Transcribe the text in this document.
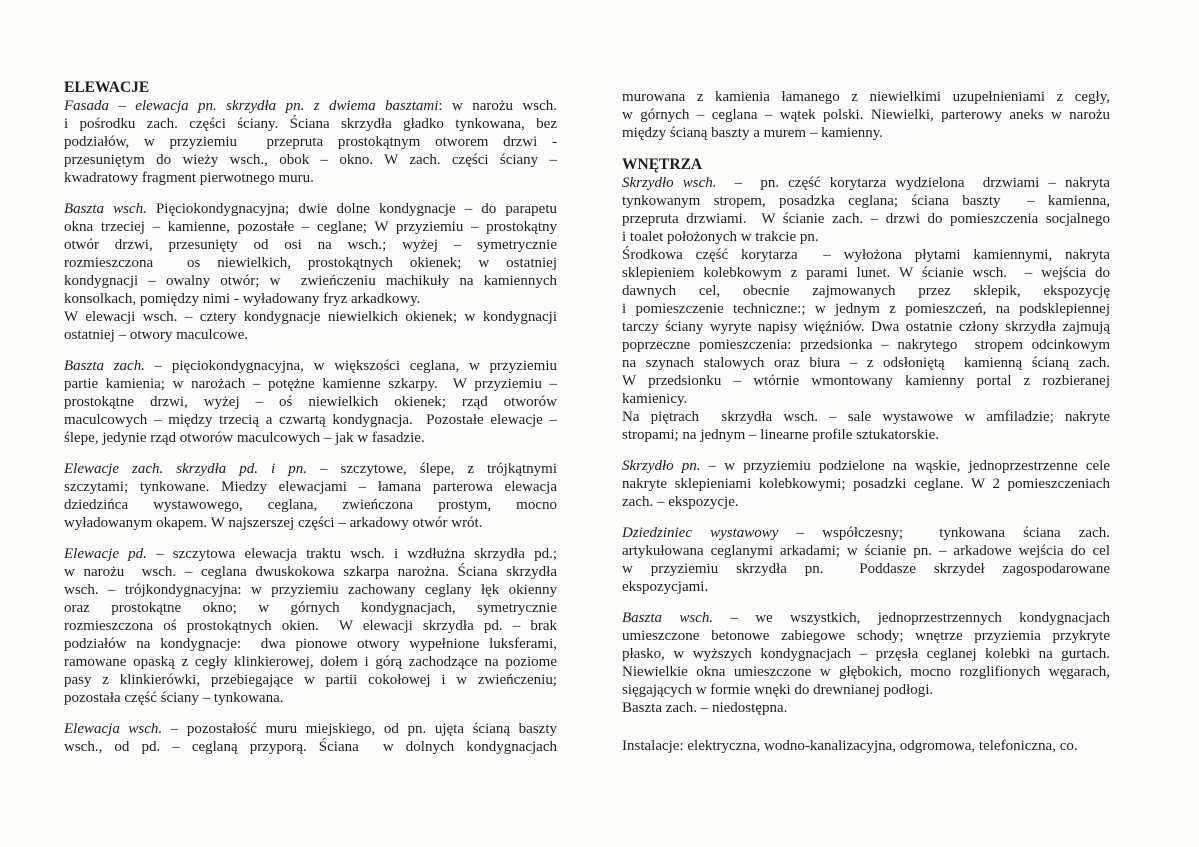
ELEWACJE
Fasada – elewacja pn. skrzydła pn. z dwiema basztami: w narożu wsch.
i pośrodku zach. części ściany. Ściana skrzydła gładko tynkowana, bez
podziałów, w przyziemiu  przepruta prostokątnym otworem drzwi -
przesuniętym do wieży wsch., obok – okno. W zach. części ściany –
kwadratowy fragment pierwotnego muru.
Baszta wsch. Pięciokondygnacyjna; dwie dolne kondygnacje – do parapetu
okna trzeciej – kamienne, pozostałe – ceglane; W przyziemiu – prostokątny
otwór drzwi, przesunięty od osi na wsch.; wyżej – symetrycznie
rozmieszczona  os niewielkich, prostokątnych okienek; w ostatniej
kondygnacji – owalny otwór; w  zwieńczeniu machikuły na kamiennych
konsolkach, pomiędzy nimi - wyładowany fryz arkadkowy.
W elewacji wsch. – cztery kondygnacje niewielkich okienek; w kondygnacji
ostatniej – otwory maculcowe.
Baszta zach. – pięciokondygnacyjna, w większości ceglana, w przyziemiu
partie kamienia; w narożach – potężne kamienne szkarpy.  W przyziemiu –
prostokątne drzwi, wyżej – oś niewielkich okienek; rząd otworów
maculcowych – między trzecią a czwartą kondygnacja.  Pozostałe elewacje –
ślepe, jedynie rząd otworów maculcowych – jak w fasadzie.
Elewacje zach. skrzydła pd. i pn. – szczytowe, ślepe, z trójkątnymi
szczytami; tynkowane. Miedzy elewacjami – łamana parterowa elewacja
dziedzińca wystawowego, ceglana, zwieńczona prostym, mocno
wyładowanym okapem. W najszerszej części – arkadowy otwór wrót.
Elewacje pd. – szczytowa elewacja traktu wsch. i wzdłużna skrzydła pd.;
w narożu  wsch. – ceglana dwuskokowa szkarpa narożna. Ściana skrzydła
wsch. – trójkondygnacyjna: w przyziemiu zachowany ceglany łęk okienny
oraz prostokątne okno; w górnych kondygnacjach, symetrycznie
rozmieszczona oś prostokątnych okien.  W elewacji skrzydła pd. – brak
podziałów na kondygnacje:  dwa pionowe otwory wypełnione luksferami,
ramowane opaską z cegły klinkierowej, dołem i górą zachodzące na poziome
pasy z klinkierówki, przebiegające w partii cokołowej i w zwieńczeniu;
pozostała część ściany – tynkowana.
Elewacja wsch. – pozostałość muru miejskiego, od pn. ujęta ścianą baszty
wsch., od pd. – ceglaną przyporą. Ściana  w dolnych kondygnacjach
murowana z kamienia łamanego z niewielkimi uzupełnieniami z cegły,
w górnych – ceglana – wątek polski. Niewielki, parterowy aneks w narożu
między ścianą baszty a murem – kamienny.
WNĘTRZA
Skrzydło wsch.  –  pn. część korytarza wydzielona  drzwiami – nakryta
tynkowanym stropem, posadzka ceglana; ściana baszty  – kamienna,
przepruta drzwiami.  W ścianie zach. – drzwi do pomieszczenia socjalnego
i toalet położonych w trakcie pn.
Środkowa część korytarza  – wyłożona płytami kamiennymi, nakryta
sklepieniem kolebkowym z parami lunet. W ścianie wsch.  – wejścia do
dawnych cel, obecnie zajmowanych przez sklepik, ekspozycję
i pomieszczenie techniczne:; w jednym z pomieszczeń, na podsklepiennej
tarczy ściany wyryte napisy więźniów. Dwa ostatnie człony skrzydła zajmują
poprzeczne pomieszczenia: przedsionka – nakrytego  stropem odcinkowym
na szynach stalowych oraz biura – z odsłoniętą  kamienną ścianą zach.
W przedsionku – wtórnie wmontowany kamienny portal z rozbieranej
kamienicy.
Na piętrach  skrzydła wsch. – sale wystawowe w amfiladzie; nakryte
stropami; na jednym – linearne profile sztukatorskie.
Skrzydło pn. – w przyziemiu podzielone na wąskie, jednoprzestrzenne cele
nakryte sklepieniami kolebkowymi; posadzki ceglane. W 2 pomieszczeniach
zach. – ekspozycje.
Dziedziniec wystawowy – współczesny;  tynkowana ściana zach.
artykułowana ceglanymi arkadami; w ścianie pn. – arkadowe wejścia do cel
w przyziemiu skrzydła pn.  Poddasze skrzydeł zagospodarowane
ekspozycjami.
Baszta wsch. – we wszystkich, jednoprzestrzennych kondygnacjach
umieszczone betonowe zabiegowe schody; wnętrze przyziemia przykryte
płasko, w wyższych kondygnacjach – przęsła ceglanej kolebki na gurtach.
Niewielkie okna umieszczone w głębokich, mocno rozglifionych węgarach,
sięgających w formie wnęki do drewnianej podłogi.
Baszta zach. – niedostępna.
Instalacje: elektryczna, wodno-kanalizacyjna, odgromowa, telefoniczna, co.
